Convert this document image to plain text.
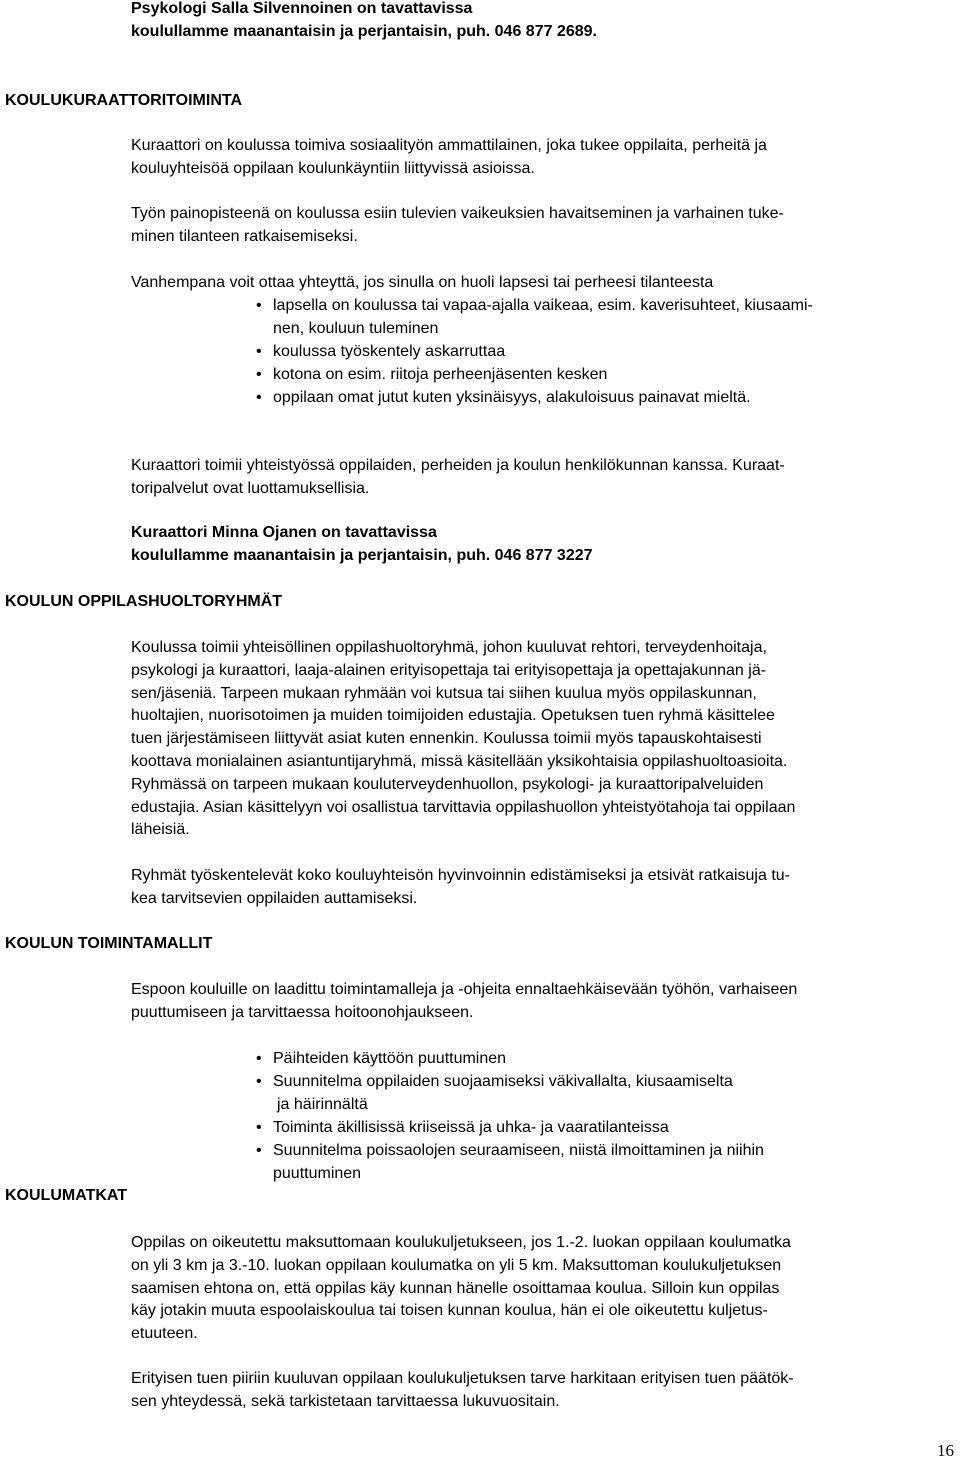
Psykologi Salla Silvennoinen on tavattavissa
koulullamme maanantaisin ja perjantaisin, puh. 046 877 2689.
KOULUKURAATTORITOIMINTA
Kuraattori on koulussa toimiva sosiaalityön ammattilainen, joka tukee oppilaita, perheitä ja
kouluyhteisöä oppilaan koulunkäyntiin liittyvissä asioissa.
Työn painopisteenä on koulussa esiin tulevien vaikeuksien havaitseminen ja varhainen tuke-
minen tilanteen ratkaisemiseksi.
Vanhempana voit ottaa yhteyttä, jos sinulla on huoli lapsesi tai perheesi tilanteesta
• lapsella on koulussa tai vapaa-ajalla vaikeaa, esim. kaverisuhteet, kiusaami-
nen, kouluun tuleminen
• koulussa työskentely askarruttaa
• kotona on esim. riitoja perheenjäsenten kesken
• oppilaan omat jutut kuten yksinäisyys, alakuloisuus painavat mieltä.
Kuraattori toimii yhteistyössä oppilaiden, perheiden ja koulun henkilökunnan kanssa. Kuraat-
toripalvelut ovat luottamuksellisia.
Kuraattori Minna Ojanen on tavattavissa
koulullamme maanantaisin ja perjantaisin, puh. 046 877 3227
KOULUN OPPILASHUOLTORYHMÄT
Koulussa toimii yhteisöllinen oppilashuoltoryhmä, johon kuuluvat rehtori, terveydenhoitaja,
psykologi ja kuraattori, laaja-alainen erityisopettaja tai erityisopettaja ja opettajakunnan jä-
sen/jäseniä. Tarpeen mukaan ryhmään voi kutsua tai siihen kuulua myös oppilaskunnan,
huoltajien, nuorisotoimen ja muiden toimijoiden edustajia. Opetuksen tuen ryhmä käsittelee
tuen järjestämiseen liittyvät asiat kuten ennenkin. Koulussa toimii myös tapauskohtaisesti
koottava monialainen asiantuntijaryhmä, missä käsitellään yksikohtaisia oppilashuoltoasioita.
Ryhmässä on tarpeen mukaan kouluterveydenhuollon, psykologi- ja kuraattoripalveluiden
edustajia. Asian käsittelyyn voi osallistua tarvittavia oppilashuollon yhteistyötahoja tai oppilaan
läheisiä.
Ryhmät työskentelevät koko kouluyhteisön hyvinvoinnin edistämiseksi ja etsivät ratkaisuja tu-
kea tarvitsevien oppilaiden auttamiseksi.
KOULUN TOIMINTAMALLIT
Espoon kouluille on laadittu toimintamalleja ja -ohjeita ennaltaehkäisevään työhön, varhaiseen
puuttumiseen ja tarvittaessa hoitoonohjaukseen.
• Päihteiden käyttöön puuttuminen
• Suunnitelma oppilaiden suojaamiseksi väkivallalta, kiusaamiselta
ja häirinnältä
• Toiminta äkillisissä kriiseissä ja uhka- ja vaaratilanteissa
• Suunnitelma poissaolojen seuraamiseen, niistä ilmoittaminen ja niihin
puuttuminen
KOULUMATKAT
Oppilas on oikeutettu maksuttomaan koulukuljetukseen, jos 1.-2. luokan oppilaan koulumatka
on yli 3 km ja 3.-10. luokan oppilaan koulumatka on yli 5 km. Maksuttoman koulukuljetuksen
saamisen ehtona on, että oppilas käy kunnan hänelle osoittamaa koulua. Silloin kun oppilas
käy jotakin muuta espoolaiskoulua tai toisen kunnan koulua, hän ei ole oikeutettu kuljetus-
etuuteen.
Erityisen tuen piiriin kuuluvan oppilaan koulukuljetuksen tarve harkitaan erityisen tuen päätök-
sen yhteydessä, sekä tarkistetaan tarvittaessa lukuvuositain.
16
